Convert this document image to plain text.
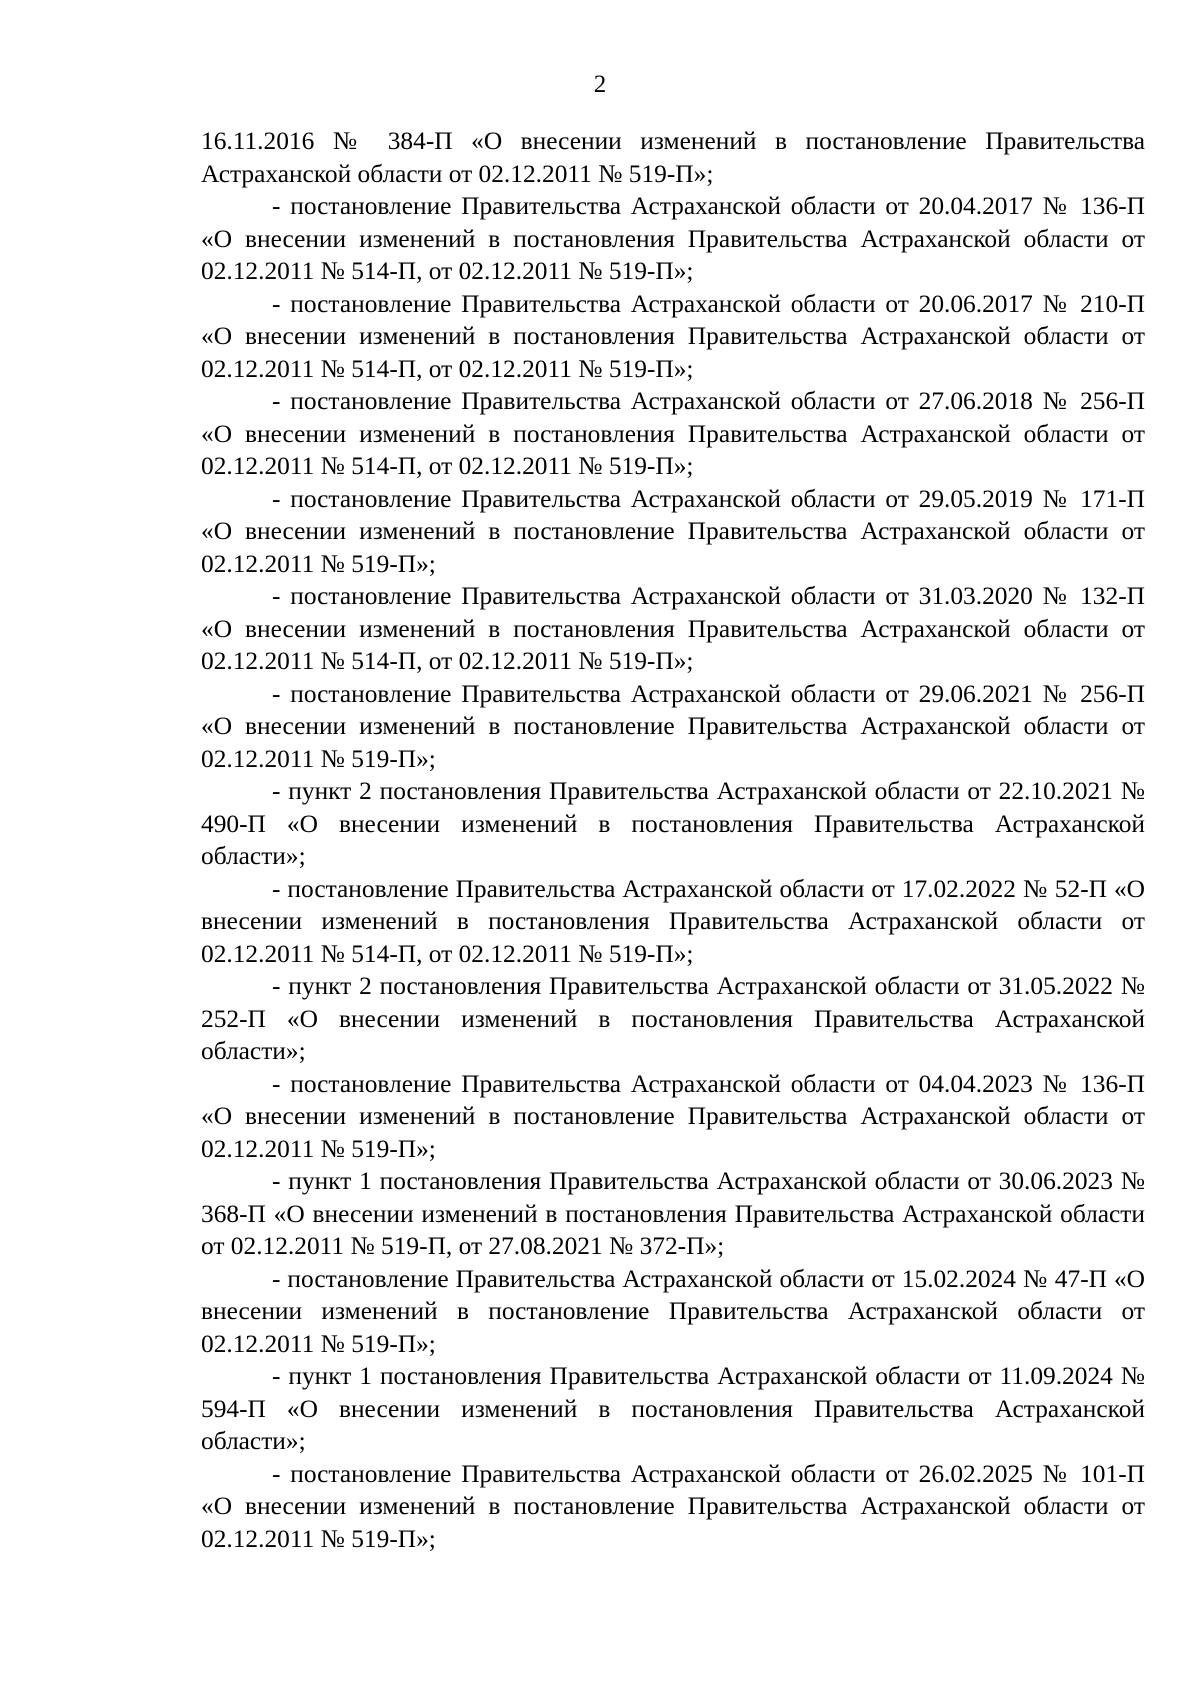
2

16.11.2016 № 384-П «О внесении изменений в постановление Правительства Астраханской области от 02.12.2011 № 519-П»;

- постановление Правительства Астраханской области от 20.04.2017 № 136-П «О внесении изменений в постановления Правительства Астраханской области от 02.12.2011 № 514-П, от 02.12.2011 № 519-П»;

- постановление Правительства Астраханской области от 20.06.2017 № 210-П «О внесении изменений в постановления Правительства Астраханской области от 02.12.2011 № 514-П, от 02.12.2011 № 519-П»;

- постановление Правительства Астраханской области от 27.06.2018 № 256-П «О внесении изменений в постановления Правительства Астраханской области от 02.12.2011 № 514-П, от 02.12.2011 № 519-П»;

- постановление Правительства Астраханской области от 29.05.2019 № 171-П «О внесении изменений в постановление Правительства Астраханской области от 02.12.2011 № 519-П»;

- постановление Правительства Астраханской области от 31.03.2020 № 132-П «О внесении изменений в постановления Правительства Астраханской области от 02.12.2011 № 514-П, от 02.12.2011 № 519-П»;

- постановление Правительства Астраханской области от 29.06.2021 № 256-П «О внесении изменений в постановление Правительства Астраханской области от 02.12.2011 № 519-П»;

- пункт 2 постановления Правительства Астраханской области от 22.10.2021 № 490-П «О внесении изменений в постановления Правительства Астраханской области»;

- постановление Правительства Астраханской области от 17.02.2022 № 52-П «О внесении изменений в постановления Правительства Астраханской области от 02.12.2011 № 514-П, от 02.12.2011 № 519-П»;

- пункт 2 постановления Правительства Астраханской области от 31.05.2022 № 252-П «О внесении изменений в постановления Правительства Астраханской области»;

- постановление Правительства Астраханской области от 04.04.2023 № 136-П «О внесении изменений в постановление Правительства Астраханской области от 02.12.2011 № 519-П»;

- пункт 1 постановления Правительства Астраханской области от 30.06.2023 № 368-П «О внесении изменений в постановления Правительства Астраханской области от 02.12.2011 № 519-П, от 27.08.2021 № 372-П»;

- постановление Правительства Астраханской области от 15.02.2024 № 47-П «О внесении изменений в постановление Правительства Астраханской области от 02.12.2011 № 519-П»;

- пункт 1 постановления Правительства Астраханской области от 11.09.2024 № 594-П «О внесении изменений в постановления Правительства Астраханской области»;

- постановление Правительства Астраханской области от 26.02.2025 № 101-П «О внесении изменений в постановление Правительства Астраханской области от 02.12.2011 № 519-П»;
